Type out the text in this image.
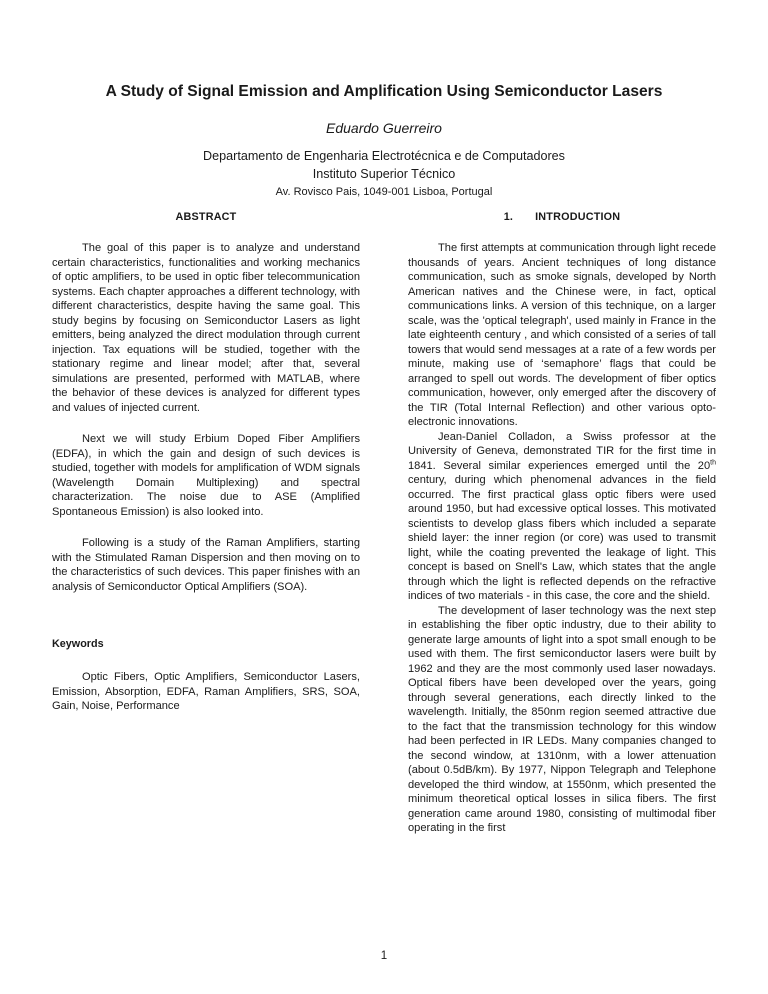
A Study of Signal Emission and Amplification Using Semiconductor Lasers
Eduardo Guerreiro
Departamento de Engenharia Electrotécnica e de Computadores
Instituto Superior Técnico
Av. Rovisco Pais, 1049-001 Lisboa, Portugal
ABSTRACT

The goal of this paper is to analyze and understand certain characteristics, functionalities and working mechanics of optic amplifiers, to be used in optic fiber telecommunication systems. Each chapter approaches a different technology, with different characteristics, despite having the same goal. This study begins by focusing on Semiconductor Lasers as light emitters, being analyzed the direct modulation through current injection. Tax equations will be studied, together with the stationary regime and linear model; after that, several simulations are presented, performed with MATLAB, where the behavior of these devices is analyzed for different types and values of injected current.

Next we will study Erbium Doped Fiber Amplifiers (EDFA), in which the gain and design of such devices is studied, together with models for amplification of WDM signals (Wavelength Domain Multiplexing) and spectral characterization. The noise due to ASE (Amplified Spontaneous Emission) is also looked into.

Following is a study of the Raman Amplifiers, starting with the Stimulated Raman Dispersion and then moving on to the characteristics of such devices. This paper finishes with an analysis of Semiconductor Optical Amplifiers (SOA).

Keywords

Optic Fibers, Optic Amplifiers, Semiconductor Lasers, Emission, Absorption, EDFA, Raman Amplifiers, SRS, SOA, Gain, Noise, Performance

1. INTRODUCTION

The first attempts at communication through light recede thousands of years. Ancient techniques of long distance communication, such as smoke signals, developed by North American natives and the Chinese were, in fact, optical communications links. A version of this technique, on a larger scale, was the 'optical telegraph', used mainly in France in the late eighteenth century , and which consisted of a series of tall towers that would send messages at a rate of a few words per minute, making use of ‘semaphore’ flags that could be arranged to spell out words. The development of fiber optics communication, however, only emerged after the discovery of the TIR (Total Internal Reflection) and other various opto-electronic innovations.

Jean-Daniel Colladon, a Swiss professor at the University of Geneva, demonstrated TIR for the first time in 1841. Several similar experiences emerged until the 20th century, during which phenomenal advances in the field occurred. The first practical glass optic fibers were used around 1950, but had excessive optical losses. This motivated scientists to develop glass fibers which included a separate shield layer: the inner region (or core) was used to transmit light, while the coating prevented the leakage of light. This concept is based on Snell's Law, which states that the angle through which the light is reflected depends on the refractive indices of two materials - in this case, the core and the shield.

The development of laser technology was the next step in establishing the fiber optic industry, due to their ability to generate large amounts of light into a spot small enough to be used with them. The first semiconductor lasers were built by 1962 and they are the most commonly used laser nowadays. Optical fibers have been developed over the years, going through several generations, each directly linked to the wavelength. Initially, the 850nm region seemed attractive due to the fact that the transmission technology for this window had been perfected in IR LEDs. Many companies changed to the second window, at 1310nm, with a lower attenuation (about 0.5dB/km). By 1977, Nippon Telegraph and Telephone developed the third window, at 1550nm, which presented the minimum theoretical optical losses in silica fibers. The first generation came around 1980, consisting of multimodal fiber operating in the first

1
